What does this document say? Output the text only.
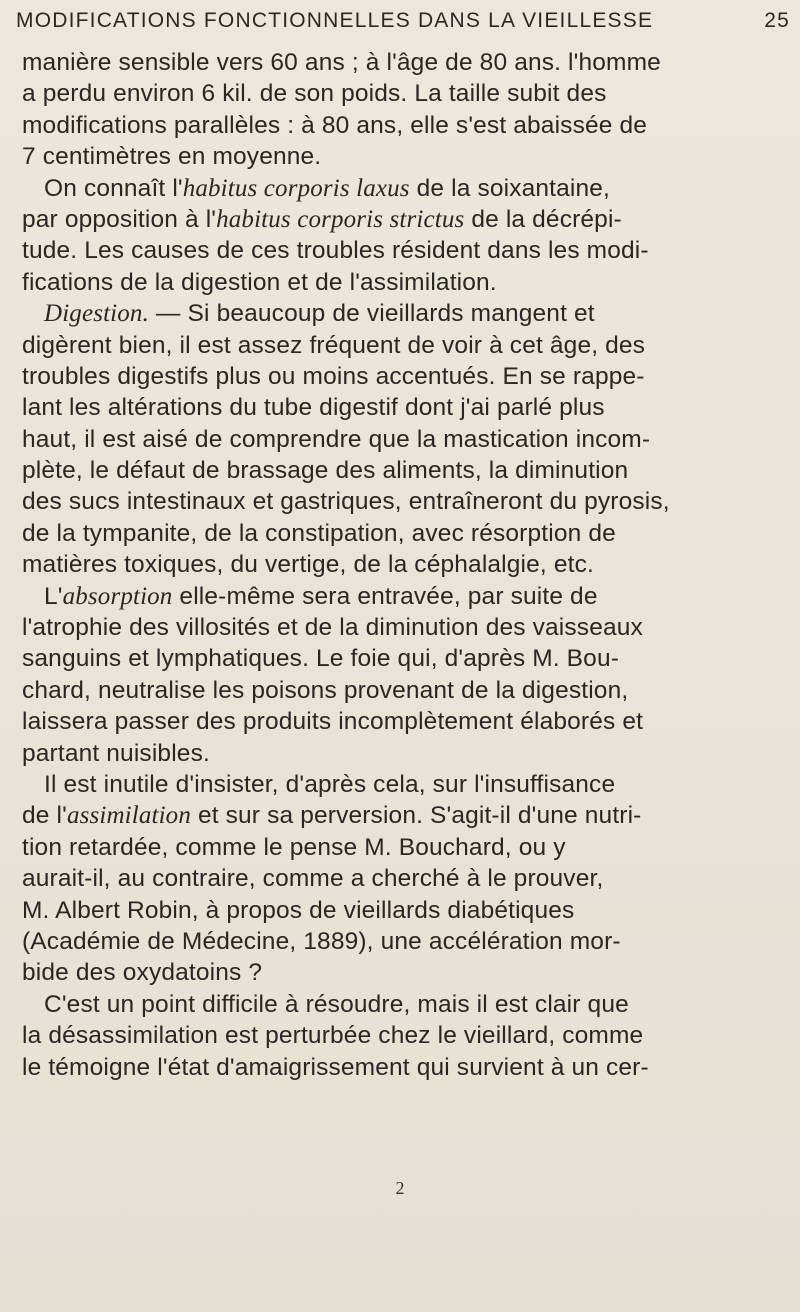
MODIFICATIONS FONCTIONNELLES DANS LA VIEILLESSE	25
manière sensible vers 60 ans ; à l'âge de 80 ans. l'homme
a perdu environ 6 kil. de son poids. La taille subit des
modifications parallèles : à 80 ans, elle s'est abaissée de
7 centimètres en moyenne.
On connaît l'habitus corporis laxus de la soixantaine,
par opposition à l'habitus corporis strictus de la décrépi-
tude. Les causes de ces troubles résident dans les modi-
fications de la digestion et de l'assimilation.
Digestion. — Si beaucoup de vieillards mangent et
digèrent bien, il est assez fréquent de voir à cet âge, des
troubles digestifs plus ou moins accentués. En se rappe-
lant les altérations du tube digestif dont j'ai parlé plus
haut, il est aisé de comprendre que la mastication incom-
plète, le défaut de brassage des aliments, la diminution
des sucs intestinaux et gastriques, entraîneront du pyrosis,
de la tympanite, de la constipation, avec résorption de
matières toxiques, du vertige, de la céphalalgie, etc.
L'absorption elle-même sera entravée, par suite de
l'atrophie des villosités et de la diminution des vaisseaux
sanguins et lymphatiques. Le foie qui, d'après M. Bou-
chard, neutralise les poisons provenant de la digestion,
laissera passer des produits incomplètement élaborés et
partant nuisibles.
Il est inutile d'insister, d'après cela, sur l'insuffisance
de l'assimilation et sur sa perversion. S'agit-il d'une nutri-
tion retardée, comme le pense M. Bouchard, ou y
aurait-il, au contraire, comme a cherché à le prouver,
M. Albert Robin, à propos de vieillards diabétiques
(Académie de Médecine, 1889), une accélération mor-
bide des oxydatoins ?
C'est un point difficile à résoudre, mais il est clair que
la désassimilation est perturbée chez le vieillard, comme
le témoigne l'état d'amaigrissement qui survient à un cer-
2
